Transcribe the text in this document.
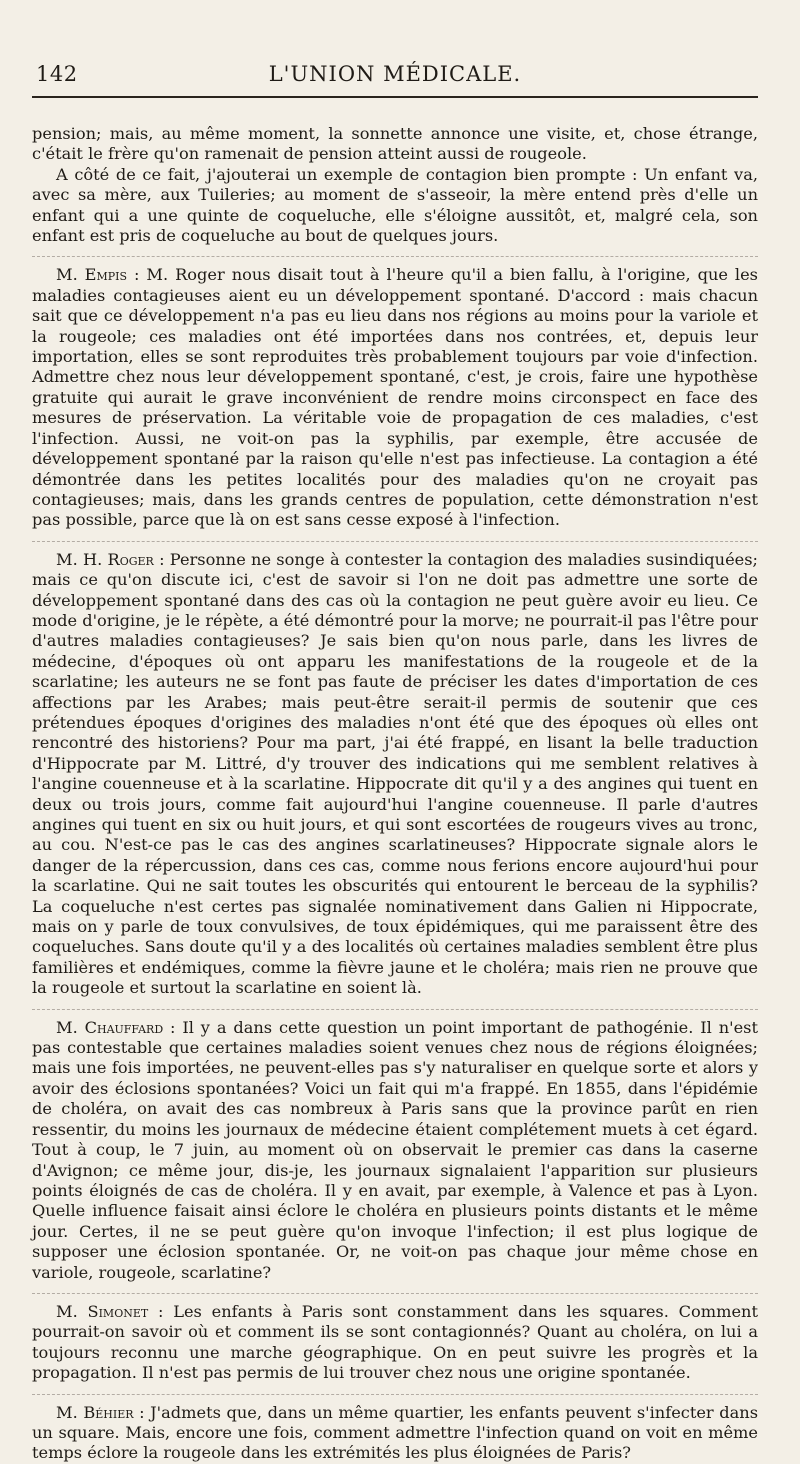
142	L'UNION MÉDICALE.

pension; mais, au même moment, la sonnette annonce une visite, et, chose étrange, c'était le frère qu'on ramenait de pension atteint aussi de rougeole.

A côté de ce fait, j'ajouterai un exemple de contagion bien prompte : Un enfant va, avec sa mère, aux Tuileries; au moment de s'asseoir, la mère entend près d'elle un enfant qui a une quinte de coqueluche, elle s'éloigne aussitôt, et, malgré cela, son enfant est pris de coqueluche au bout de quelques jours.

M. Empis : M. Roger nous disait tout à l'heure qu'il a bien fallu, à l'origine, que les maladies contagieuses aient eu un développement spontané. D'accord : mais chacun sait que ce développement n'a pas eu lieu dans nos régions au moins pour la variole et la rougeole; ces maladies ont été importées dans nos contrées, et, depuis leur importation, elles se sont reproduites très probablement toujours par voie d'infection. Admettre chez nous leur développement spontané, c'est, je crois, faire une hypothèse gratuite qui aurait le grave inconvénient de rendre moins circonspect en face des mesures de préservation. La véritable voie de propagation de ces maladies, c'est l'infection. Aussi, ne voit-on pas la syphilis, par exemple, être accusée de développement spontané par la raison qu'elle n'est pas infectieuse. La contagion a été démontrée dans les petites localités pour des maladies qu'on ne croyait pas contagieuses; mais, dans les grands centres de population, cette démonstration n'est pas possible, parce que là on est sans cesse exposé à l'infection.

M. H. Roger : Personne ne songe à contester la contagion des maladies susindiquées; mais ce qu'on discute ici, c'est de savoir si l'on ne doit pas admettre une sorte de développement spontané dans des cas où la contagion ne peut guère avoir eu lieu. Ce mode d'origine, je le répète, a été démontré pour la morve; ne pourrait-il pas l'être pour d'autres maladies contagieuses? Je sais bien qu'on nous parle, dans les livres de médecine, d'époques où ont apparu les manifestations de la rougeole et de la scarlatine; les auteurs ne se font pas faute de préciser les dates d'importation de ces affections par les Arabes; mais peut-être serait-il permis de soutenir que ces prétendues époques d'origines des maladies n'ont été que des époques où elles ont rencontré des historiens? Pour ma part, j'ai été frappé, en lisant la belle traduction d'Hippocrate par M. Littré, d'y trouver des indications qui me semblent relatives à l'angine couenneuse et à la scarlatine. Hippocrate dit qu'il y a des angines qui tuent en deux ou trois jours, comme fait aujourd'hui l'angine couenneuse. Il parle d'autres angines qui tuent en six ou huit jours, et qui sont escortées de rougeurs vives au tronc, au cou. N'est-ce pas le cas des angines scarlatineuses? Hippocrate signale alors le danger de la répercussion, dans ces cas, comme nous ferions encore aujourd'hui pour la scarlatine. Qui ne sait toutes les obscurités qui entourent le berceau de la syphilis? La coqueluche n'est certes pas signalée nominativement dans Galien ni Hippocrate, mais on y parle de toux convulsives, de toux épidémiques, qui me paraissent être des coqueluches. Sans doute qu'il y a des localités où certaines maladies semblent être plus familières et endémiques, comme la fièvre jaune et le choléra; mais rien ne prouve que la rougeole et surtout la scarlatine en soient là.

M. Chauffard : Il y a dans cette question un point important de pathogénie. Il n'est pas contestable que certaines maladies soient venues chez nous de régions éloignées; mais une fois importées, ne peuvent-elles pas s'y naturaliser en quelque sorte et alors y avoir des éclosions spontanées? Voici un fait qui m'a frappé. En 1855, dans l'épidémie de choléra, on avait des cas nombreux à Paris sans que la province parût en rien ressentir, du moins les journaux de médecine étaient complétement muets à cet égard. Tout à coup, le 7 juin, au moment où on observait le premier cas dans la caserne d'Avignon; ce même jour, dis-je, les journaux signalaient l'apparition sur plusieurs points éloignés de cas de choléra. Il y en avait, par exemple, à Valence et pas à Lyon. Quelle influence faisait ainsi éclore le choléra en plusieurs points distants et le même jour. Certes, il ne se peut guère qu'on invoque l'infection; il est plus logique de supposer une éclosion spontanée. Or, ne voit-on pas chaque jour même chose en variole, rougeole, scarlatine?

M. Simonet : Les enfants à Paris sont constamment dans les squares. Comment pourrait-on savoir où et comment ils se sont contagionnés? Quant au choléra, on lui a toujours reconnu une marche géographique. On en peut suivre les progrès et la propagation. Il n'est pas permis de lui trouver chez nous une origine spontanée.

M. Béhier : J'admets que, dans un même quartier, les enfants peuvent s'infecter dans un square. Mais, encore une fois, comment admettre l'infection quand on voit en même temps éclore la rougeole dans les extrémités les plus éloignées de Paris?
